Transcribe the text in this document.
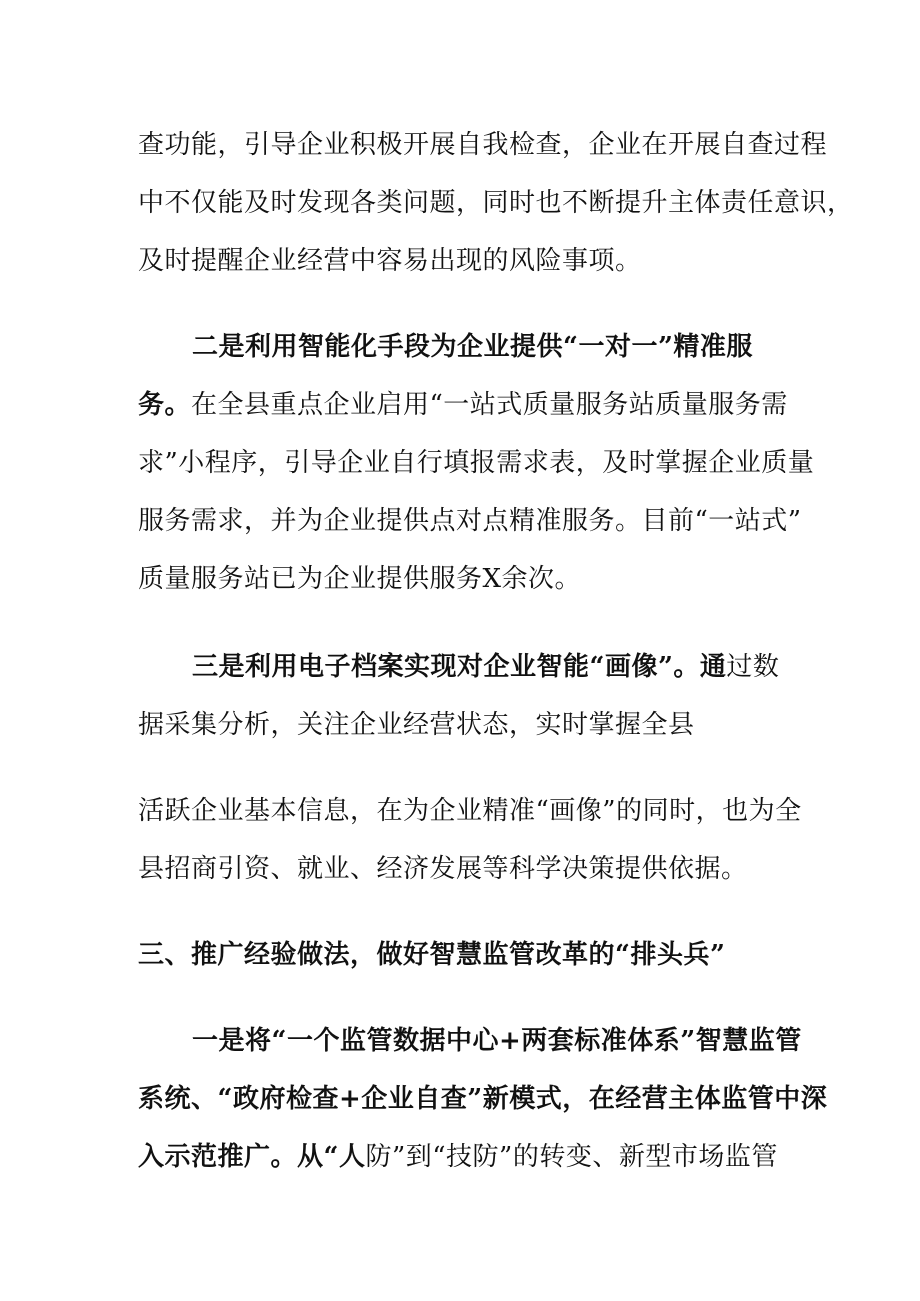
查功能，引导企业积极开展自我检查，企业在开展自查过程

中不仅能及时发现各类问题，同时也不断提升主体责任意识，

及时提醒企业经营中容易出现的风险事项。

二是利用智能化手段为企业提供“一对一”精准服

务。在全县重点企业启用“一站式质量服务站质量服务需

求”小程序，引导企业自行填报需求表，及时掌握企业质量

服务需求，并为企业提供点对点精准服务。目前“一站式”

质量服务站已为企业提供服务X余次。

三是利用电子档案实现对企业智能“画像”。通过数

据采集分析，关注企业经营状态，实时掌握全县

活跃企业基本信息，在为企业精准“画像”的同时，也为全

县招商引资、就业、经济发展等科学决策提供依据。

三、推广经验做法，做好智慧监管改革的“排头兵”

一是将“一个监管数据中心+两套标准体系”智慧监管

系统、“政府检查+企业自查”新模式，在经营主体监管中深

入示范推广。从“人防”到“技防”的转变、新型市场监管
